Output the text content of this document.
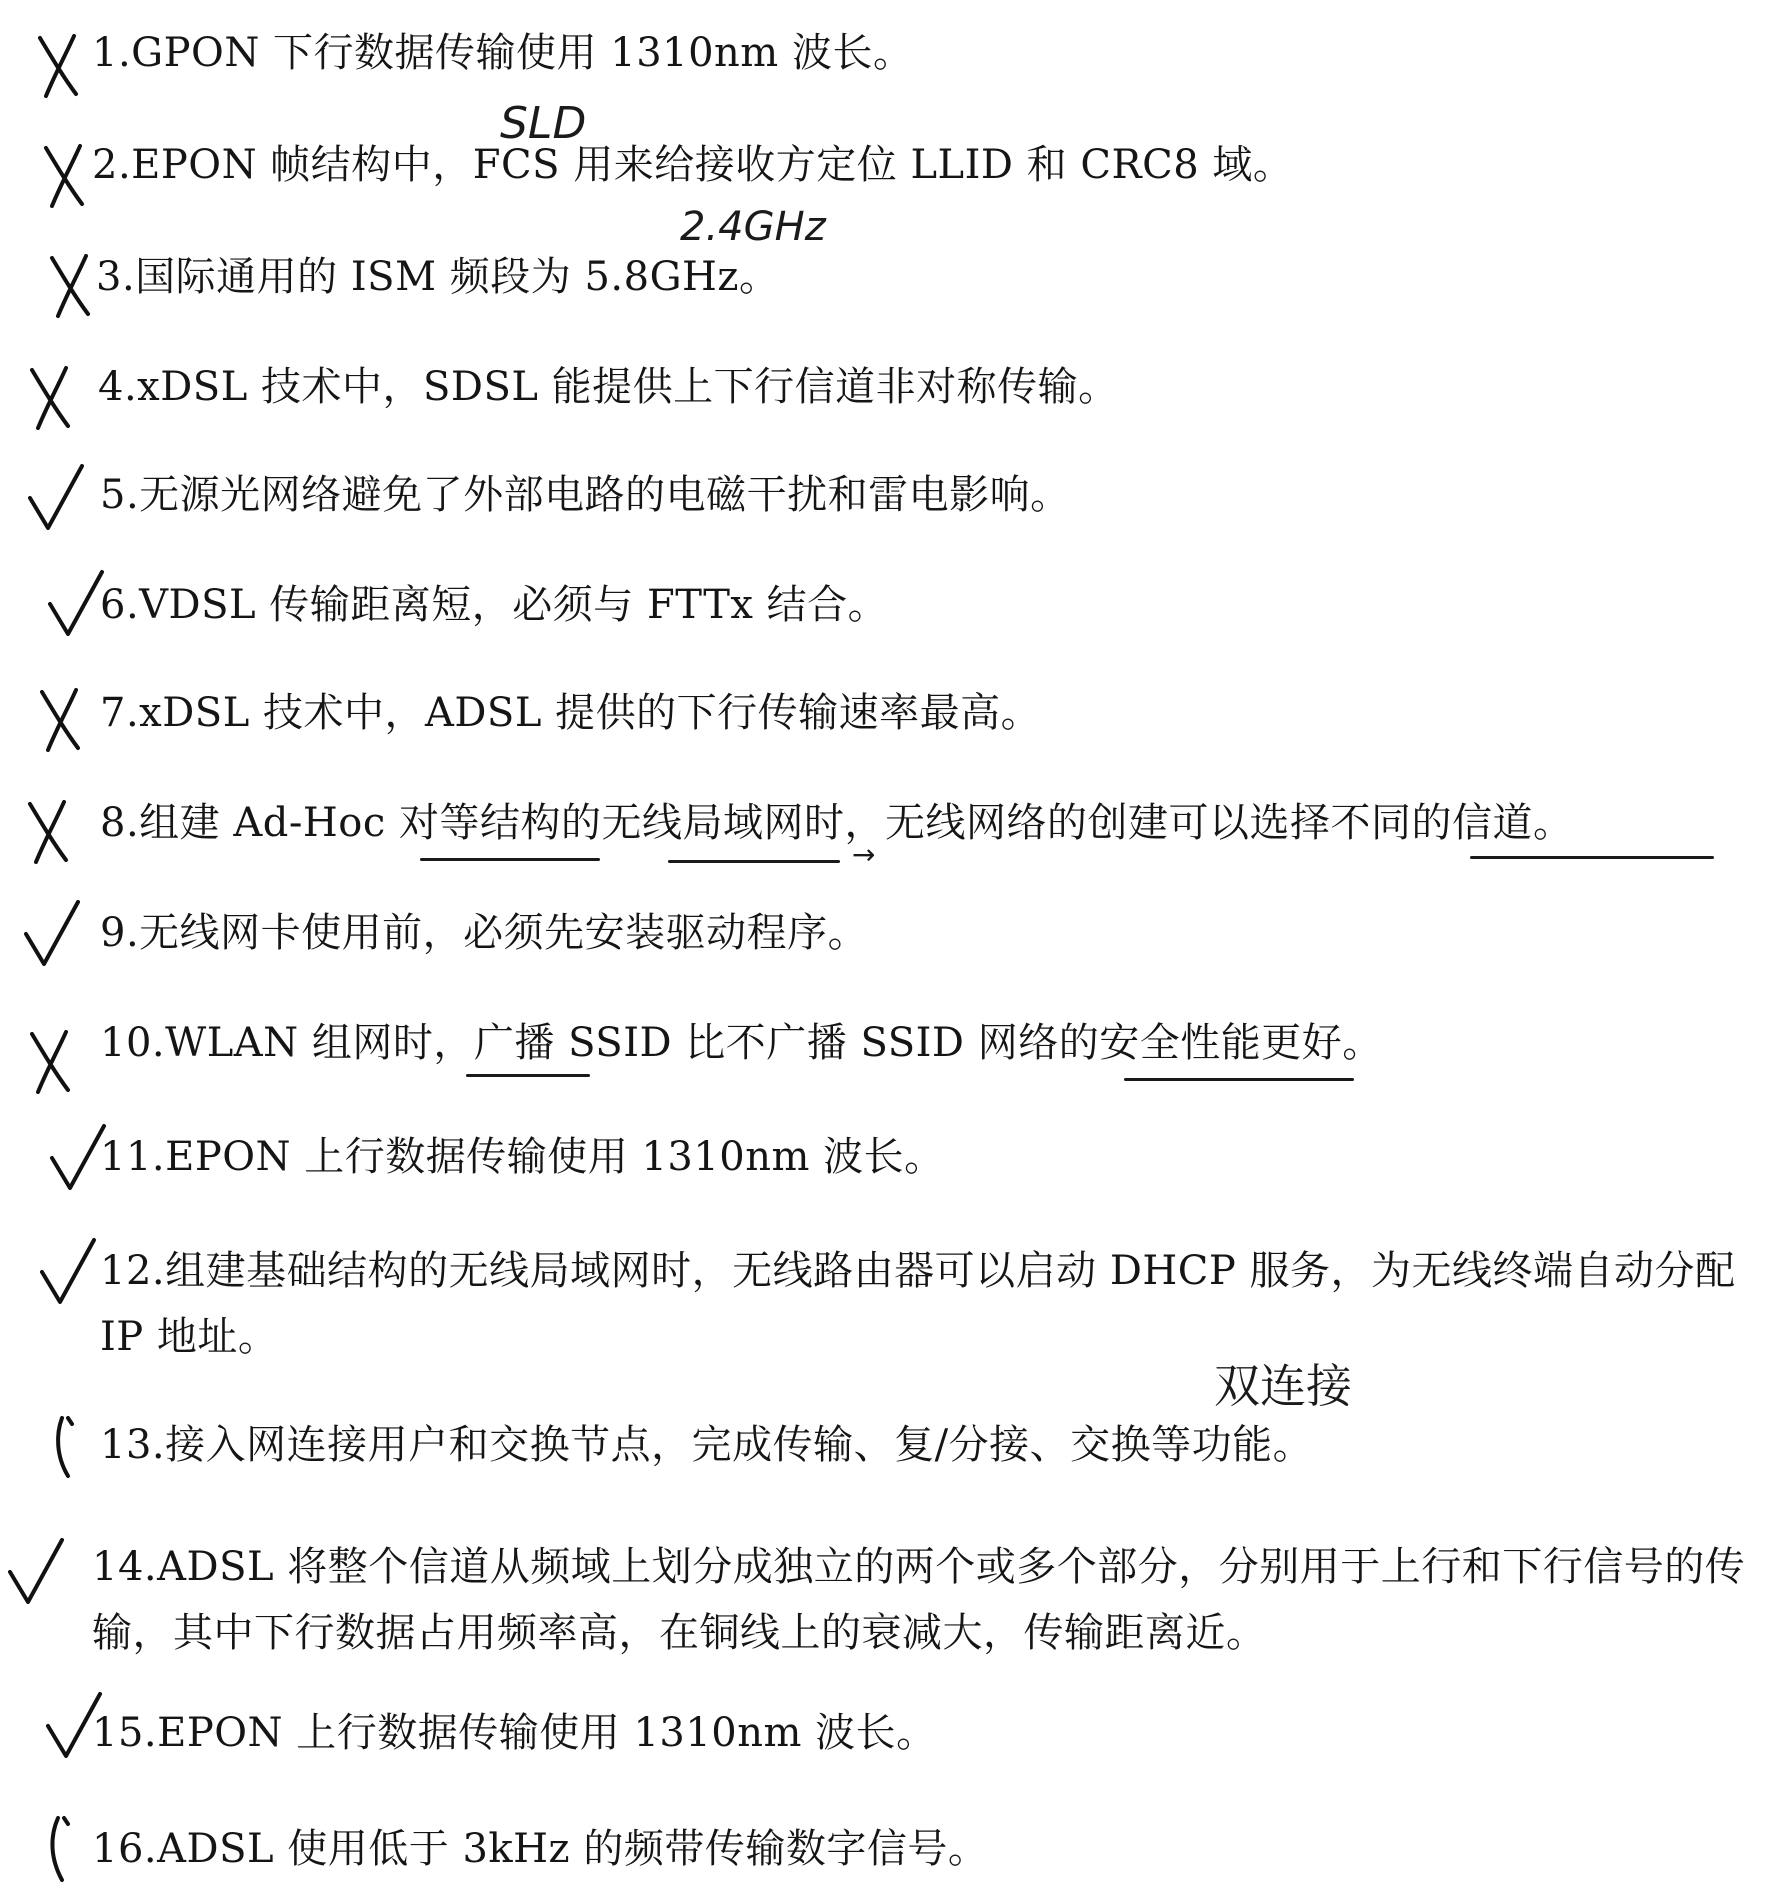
1.GPON 下行数据传输使用 1310nm 波长。
SLD
2.EPON 帧结构中，FCS 用来给接收方定位 LLID 和 CRC8 域。
2.4GHz
3.国际通用的 ISM 频段为 5.8GHz。
4.xDSL 技术中，SDSL 能提供上下行信道非对称传输。
5.无源光网络避免了外部电路的电磁干扰和雷电影响。
6.VDSL 传输距离短，必须与 FTTx 结合。
7.xDSL 技术中，ADSL 提供的下行传输速率最高。
8.组建 Ad-Hoc 对等结构的无线局域网时，无线网络的创建可以选择不同的信道。
→
9.无线网卡使用前，必须先安装驱动程序。
10.WLAN 组网时，广播 SSID 比不广播 SSID 网络的安全性能更好。
11.EPON 上行数据传输使用 1310nm 波长。
12.组建基础结构的无线局域网时，无线路由器可以启动 DHCP 服务，为无线终端自动分配 IP 地址。
双连接
13.接入网连接用户和交换节点，完成传输、复/分接、交换等功能。
14.ADSL 将整个信道从频域上划分成独立的两个或多个部分，分别用于上行和下行信号的传输，其中下行数据占用频率高，在铜线上的衰减大，传输距离近。
15.EPON 上行数据传输使用 1310nm 波长。
16.ADSL 使用低于 3kHz 的频带传输数字信号。
